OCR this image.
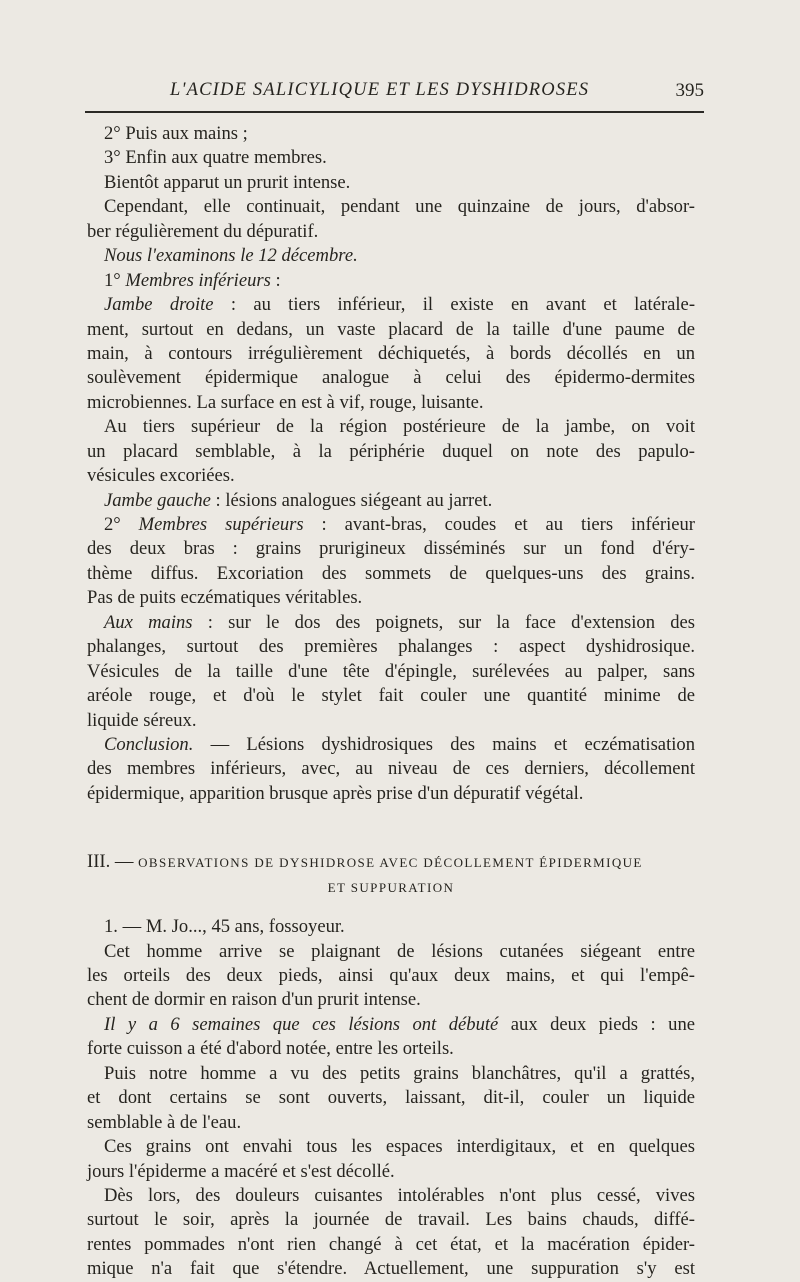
L'ACIDE SALICYLIQUE ET LES DYSHIDROSES	395
2° Puis aux mains ;
3° Enfin aux quatre membres.
Bientôt apparut un prurit intense.
Cependant, elle continuait, pendant une quinzaine de jours, d'absor-
ber régulièrement du dépuratif.
Nous l'examinons le 12 décembre.
1° Membres inférieurs :
Jambe droite : au tiers inférieur, il existe en avant et latérale-
ment, surtout en dedans, un vaste placard de la taille d'une paume de
main, à contours irrégulièrement déchiquetés, à bords décollés en un
soulèvement épidermique analogue à celui des épidermo-dermites
microbiennes. La surface en est à vif, rouge, luisante.
Au tiers supérieur de la région postérieure de la jambe, on voit
un placard semblable, à la périphérie duquel on note des papulo-
vésicules excoriées.
Jambe gauche : lésions analogues siégeant au jarret.
2° Membres supérieurs : avant-bras, coudes et au tiers inférieur
des deux bras : grains prurigineux disséminés sur un fond d'éry-
thème diffus. Excoriation des sommets de quelques-uns des grains.
Pas de puits eczématiques véritables.
Aux mains : sur le dos des poignets, sur la face d'extension des
phalanges, surtout des premières phalanges : aspect dyshidrosique.
Vésicules de la taille d'une tête d'épingle, surélevées au palper, sans
aréole rouge, et d'où le stylet fait couler une quantité minime de
liquide séreux.
Conclusion. — Lésions dyshidrosiques des mains et eczématisation
des membres inférieurs, avec, au niveau de ces derniers, décollement
épidermique, apparition brusque après prise d'un dépuratif végétal.
III. — OBSERVATIONS DE DYSHIDROSE AVEC DÉCOLLEMENT ÉPIDERMIQUE
ET SUPPURATION
1. — M. Jo..., 45 ans, fossoyeur.
Cet homme arrive se plaignant de lésions cutanées siégeant entre
les orteils des deux pieds, ainsi qu'aux deux mains, et qui l'empê-
chent de dormir en raison d'un prurit intense.
Il y a 6 semaines que ces lésions ont débuté aux deux pieds : une
forte cuisson a été d'abord notée, entre les orteils.
Puis notre homme a vu des petits grains blanchâtres, qu'il a grattés,
et dont certains se sont ouverts, laissant, dit-il, couler un liquide
semblable à de l'eau.
Ces grains ont envahi tous les espaces interdigitaux, et en quelques
jours l'épiderme a macéré et s'est décollé.
Dès lors, des douleurs cuisantes intolérables n'ont plus cessé, vives
surtout le soir, après la journée de travail. Les bains chauds, diffé-
rentes pommades n'ont rien changé à cet état, et la macération épider-
mique n'a fait que s'étendre. Actuellement, une suppuration s'y est
